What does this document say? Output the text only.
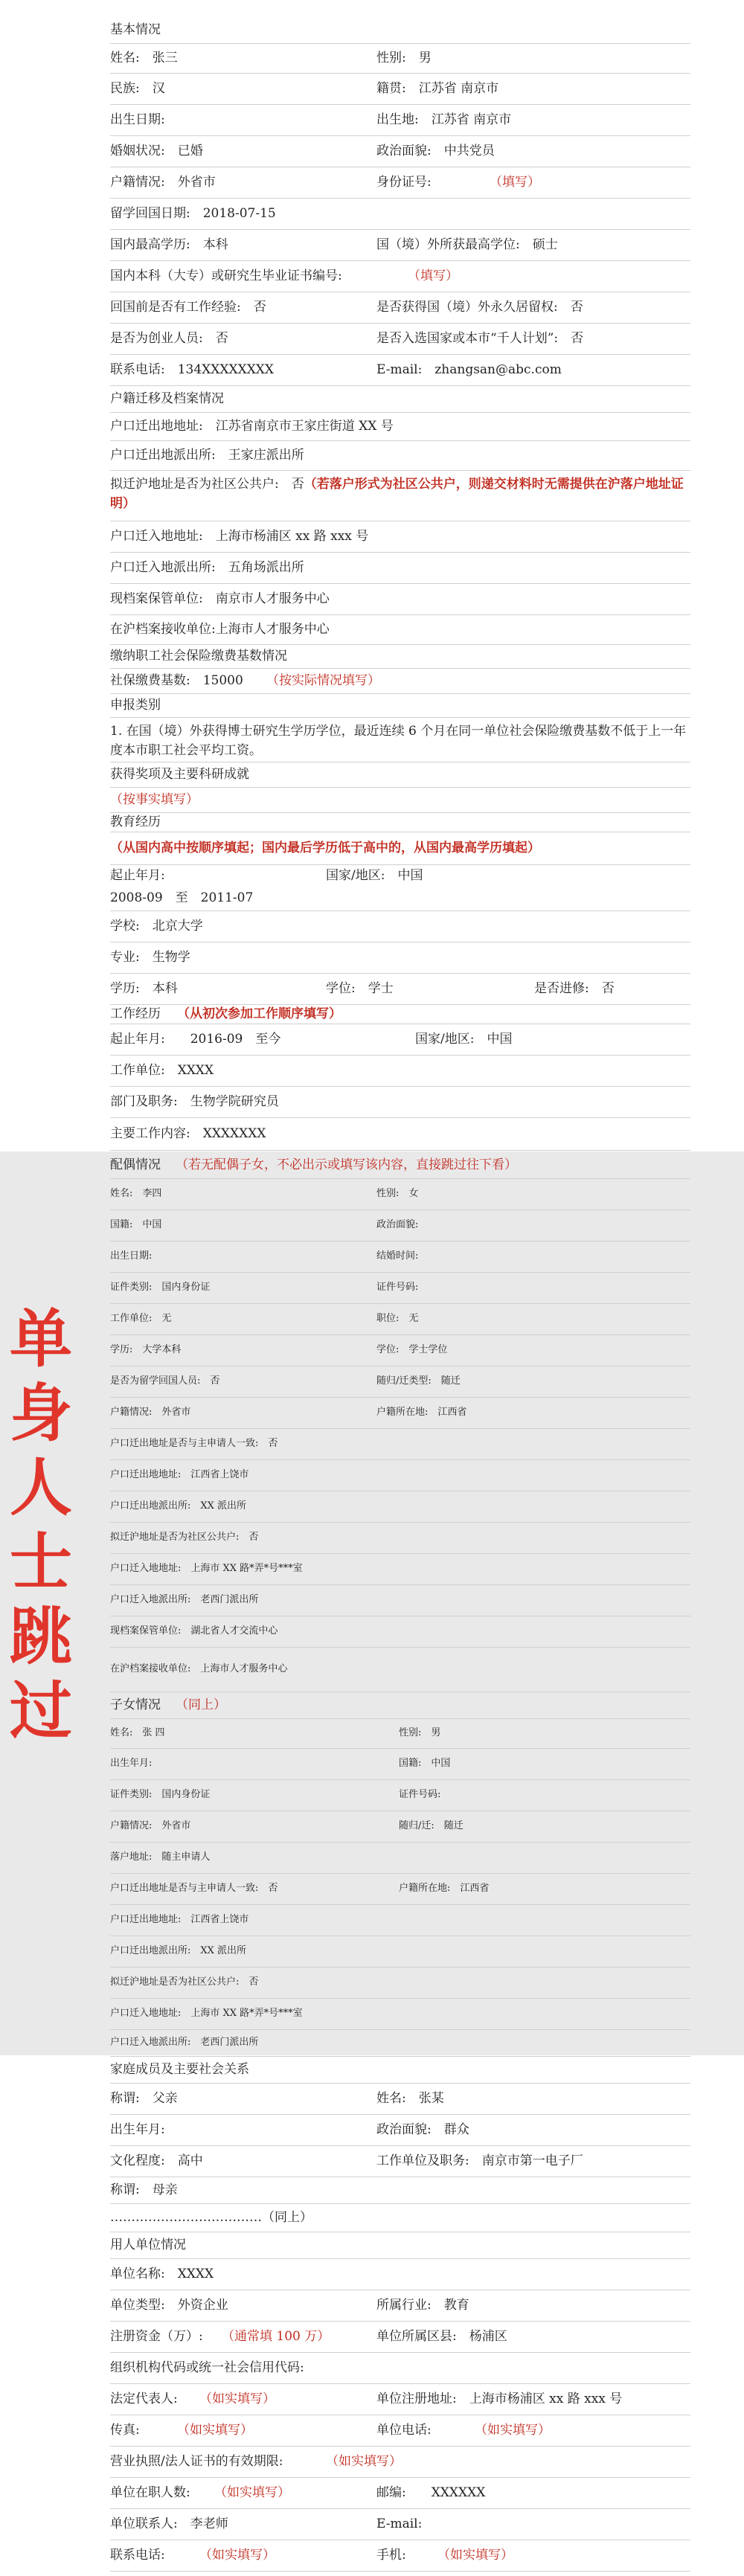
单
身
人
士
跳
过
基本情况
姓名:　张三	性别:　男
民族:　汉	籍贯:　江苏省 南京市
出生日期:	出生地:　江苏省 南京市
婚姻状况:　已婚	政治面貌:　中共党员
户籍情况:　外省市	身份证号:	（填写）
留学回国日期:　2018-07-15
国内最高学历:　本科	国（境）外所获最高学位:　硕士
国内本科（大专）或研究生毕业证书编号:	（填写）
回国前是否有工作经验:　否	是否获得国（境）外永久居留权:　否
是否为创业人员:　否	是否入选国家或本市“千人计划”:　否
联系电话:　134XXXXXXXX	E-mail:　zhangsan@abc.com
户籍迁移及档案情况
户口迁出地地址:　江苏省南京市王家庄街道 XX 号
户口迁出地派出所:　王家庄派出所
拟迁沪地址是否为社区公共户:　否（若落户形式为社区公共户，则递交材料时无需提供在沪落户地址证明）
户口迁入地地址:　上海市杨浦区 xx 路 xxx 号
户口迁入地派出所:　五角场派出所
现档案保管单位:　南京市人才服务中心
在沪档案接收单位:上海市人才服务中心
缴纳职工社会保险缴费基数情况
社保缴费基数:　15000 （按实际情况填写）
申报类别
1. 在国（境）外获得博士研究生学历学位，最近连续 6 个月在同一单位社会保险缴费基数不低于上一年度本市职工社会平均工资。
获得奖项及主要科研成就
（按事实填写）
教育经历
（从国内高中按顺序填起；国内最后学历低于高中的，从国内最高学历填起）
起止年月:	国家/地区:　中国
2008-09　至　2011-07
学校:　北京大学
专业:　生物学
学历:　本科	学位:　学士	是否进修:　否
工作经历 （从初次参加工作顺序填写）
起止年月:　　2016-09　至今	国家/地区:　中国
工作单位:　XXXX
部门及职务:　生物学院研究员
主要工作内容:　XXXXXXX
配偶情况 （若无配偶子女，不必出示或填写该内容，直接跳过往下看）
姓名:　李四	性别:　女
国籍:　中国	政治面貌:
出生日期:	结婚时间:
证件类别:　国内身份证	证件号码:
工作单位:　无	职位:　无
学历:　大学本科	学位:　学士学位
是否为留学回国人员:　否	随归/迁类型:　随迁
户籍情况:　外省市	户籍所在地:　江西省
户口迁出地址是否与主申请人一致:　否
户口迁出地地址:　江西省上饶市
户口迁出地派出所:　XX 派出所
拟迁沪地址是否为社区公共户:　否
户口迁入地地址:　上海市 XX 路*弄*号***室
户口迁入地派出所:　老西门派出所
现档案保管单位:　湖北省人才交流中心
在沪档案接收单位:　上海市人才服务中心
子女情况 （同上）
姓名:　张 四	性别:　男
出生年月:	国籍:　中国
证件类别:　国内身份证	证件号码:
户籍情况:　外省市	随归/迁:　随迁
落户地址:　随主申请人
户口迁出地址是否与主申请人一致:　否	户籍所在地:　江西省
户口迁出地地址:　江西省上饶市
户口迁出地派出所:　XX 派出所
拟迁沪地址是否为社区公共户:　否
户口迁入地地址:　上海市 XX 路*弄*号***室
户口迁入地派出所:　老西门派出所
家庭成员及主要社会关系
称谓:　父亲	姓名:　张某
出生年月:	政治面貌:　群众
文化程度:　高中	工作单位及职务:　南京市第一电子厂
称谓:　母亲
………………………………（同上）
用人单位情况
单位名称:　XXXX
单位类型:　外资企业	所属行业:　教育
注册资金（万）: （通常填 100 万）	单位所属区县:　杨浦区
组织机构代码或统一社会信用代码:
法定代表人: （如实填写）	单位注册地址:　上海市杨浦区 xx 路 xxx 号
传真:	（如实填写）	单位电话:	（如实填写）
营业执照/法人证书的有效期限:	（如实填写）
单位在职人数: （如实填写）	邮编:　　XXXXXX
单位联系人:　李老师	E-mail:
联系电话:	（如实填写）	手机: （如实填写）
